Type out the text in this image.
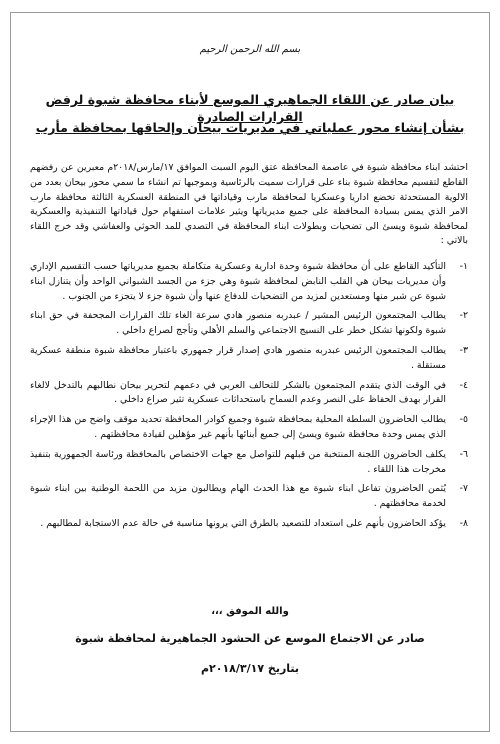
بسم الله الرحمن الرحيم
بيان صادر عن اللقاء الجماهيري الموسع لأبناء محافظة شبوة لرفض القرارات الصادرة
بشأن إنشاء محور عملياتي في مديريات بيحان وإلحاقها بمحافظة مأرب

احتشد ابناء محافظة شبوة في عاصمة المحافظة عتق اليوم السبت الموافق ١٧/مارس/٢٠١٨م معبرين عن رفضهم القاطع لتقسيم محافظة شبوة بناء على قرارات سميت بالرئاسية وبموجبها تم انشاء ما سمي محور بيحان بعدد من الالوية المستحدثة تخضع اداريا وعسكريا لمحافظة مارب وقياداتها في المنطقة العسكرية الثالثة محافظة مارب الامر الذي يمس بسيادة المحافظة على جميع مديرياتها ويثير علامات استفهام حول قياداتها التنفيذية والعسكرية لمحافظة شبوة ويسئ الى تضحيات وبطولات ابناء المحافظة في التصدي للمد الحوثي والعفاشي وقد خرج اللقاء بالاتي :

١-
التأكيد القاطع على أن محافظة شبوة وحدة ادارية وعسكرية متكاملة بجميع مديرياتها حسب التقسيم الإداري وأن مديريات بيحان هي القلب النابض لمحافظة شبوة وهي جزء من الجسد الشبواني الواحد وأن يتنازل ابناء شبوة عن شبر منها ومستعدين لمزيد من التضحيات للدفاع عنها وأن شبوة جزء لا يتجزء من الجنوب .
٢-
يطالب المجتمعون الرئيس المشير / عبدربه منصور هادي سرعة الغاء تلك القرارات المجحفة في حق ابناء شبوة ولكونها تشكل خطر على النسيج الاجتماعي والسلم الأهلي وتأجج لصراع داخلي .
٣-
يطالب المجتمعون الرئيس عبدربه منصور هادي إصدار قرار جمهوري باعتبار محافظة شبوة منطقة عسكرية مستقلة .
٤-
في الوقت الذي يتقدم المجتمعون بالشكر للتحالف العربي في دعمهم لتحرير بيحان نطالبهم بالتدخل لالغاء القرار بهدف الحفاظ على النصر وعدم السماح باستحداثات عسكرية تثير صراع داخلي .
٥-
يطالب الحاضرون السلطة المحلية بمحافظة شبوة وجميع كوادر المحافظة تحديد موقف واضح من هذا الإجراء الذي يمس وحدة محافظة شبوة ويسئ إلى جميع أبنائها بأنهم غير مؤهلين لقيادة محافظتهم .
٦-
يكلف الحاضرون اللجنة المنتخبة من قبلهم للتواصل مع جهات الاختصاص بالمحافظة ورئاسة الجمهورية بتنفيذ مخرجات هذا اللقاء .
٧-
يُثمن الحاضرون تفاعل ابناء شبوة مع هذا الحدث الهام ويطالبون مزيد من اللحمة الوطنية بين ابناء شبوة لخدمة محافظتهم .
٨-
يؤكد الحاضرون بأنهم على استعداد للتصعيد بالطرق التي يرونها مناسبة في حالة عدم الاستجابة لمطالبهم .
والله الموفق ،،،
صادر عن الاجتماع الموسع عن الحشود الجماهيرية لمحافظة شبوة
بتاريخ ٢٠١٨/٣/١٧م
